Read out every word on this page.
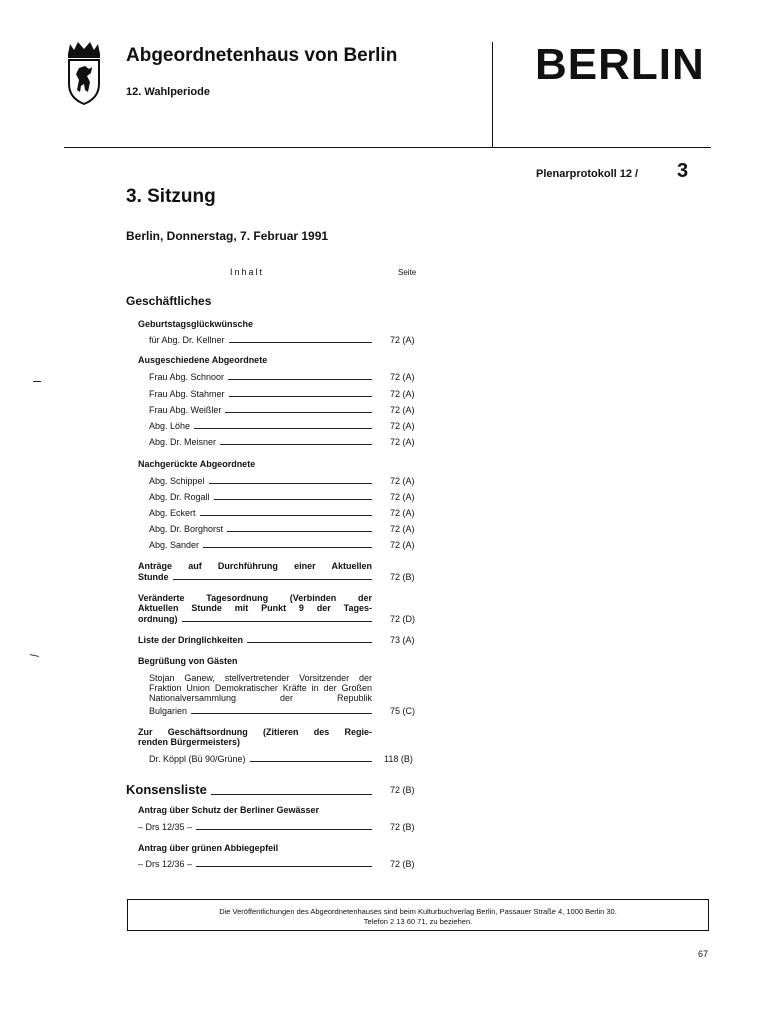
Abgeordnetenhaus von Berlin
12. Wahlperiode
BERLIN
Plenarprotokoll 12 / 3
3. Sitzung
Berlin, Donnerstag, 7. Februar 1991
Inhalt	Seite
Geschäftliches
Geburtstagsglückwünsche
für Abg. Dr. Kellner	72 (A)
Ausgeschiedene Abgeordnete
Frau Abg. Schnoor	72 (A)
Frau Abg. Stahmer	72 (A)
Frau Abg. Weißler	72 (A)
Abg. Löhe	72 (A)
Abg. Dr. Meisner	72 (A)
Nachgerückte Abgeordnete
Abg. Schippel	72 (A)
Abg. Dr. Rogall	72 (A)
Abg. Eckert	72 (A)
Abg. Dr. Borghorst	72 (A)
Abg. Sander	72 (A)
Anträge auf Durchführung einer Aktuellen
Stunde	72 (B)
Veränderte Tagesordnung (Verbinden der
Aktuellen Stunde mit Punkt 9 der Tages-
ordnung)	72 (D)
Liste der Dringlichkeiten	73 (A)
Begrüßung von Gästen
Stojan Ganew, stellvertretender Vorsitzender der Fraktion Union Demokratischer Kräfte in der Großen Nationalversammlung der Republik
Bulgarien	75 (C)
Zur Geschäftsordnung (Zitieren des Regie-
renden Bürgermeisters)
Dr. Köppl (Bü 90/Grüne)	118 (B)
Konsensliste	72 (B)
Antrag über Schutz der Berliner Gewässer
– Drs 12/35 –	72 (B)
Antrag über grünen Abbiegepfeil
– Drs 12/36 –	72 (B)
Die Veröffentlichungen des Abgeordnetenhauses sind beim Kulturbuchverlag Berlin, Passauer Straße 4, 1000 Berlin 30.
Telefon 2 13 60 71, zu beziehen.
67
